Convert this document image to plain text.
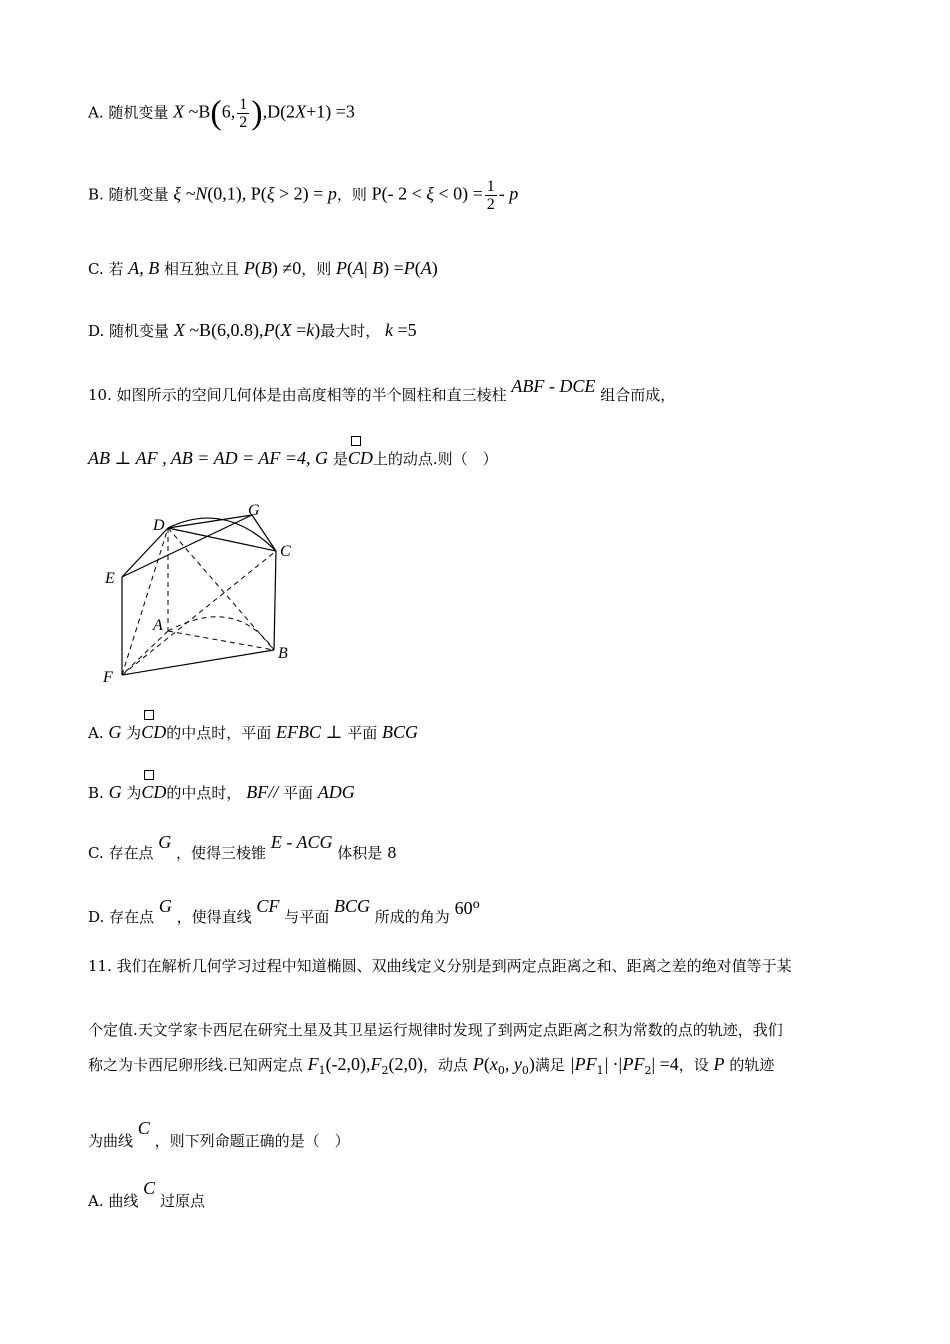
A. 随机变量 X ~B(6, $\frac{1}{2} ),D(2X+1) =3$
B. 随机变量 ξ ~N(0,1), P(ξ > 2) = p，则 P(- $2 < \xi < 0) = \frac{1}{2} - p$
C. 若 A, B 相互独立且 P(B) ≠0，则 P(A| B) =P(A)
D. 随机变量 X ~B(6,0.8),P(X =k)最大时， k =5
10. 如图所示的空间几何体是由高度相等的半个圆柱和直三棱柱 ABF - DCE 组合而成，
AB ⊥ AF , AB = AD = AF =4, G 是CD上的动点.则（　）
D
G
C
E
A
B
F
A. G 为CD的中点时，平面 EFBC ⊥ 平面 BCG
B. G 为CD的中点时， BF// 平面 ADG
C. 存在点 G ，使得三棱锥 E - ACG 体积是 8
D. 存在点 G ，使得直线 CF 与平面 BCG 所成的角为 60$^o$
11. 我们在解析几何学习过程中知道椭圆、双曲线定义分别是到两定点距离之和、距离之差的绝对值等于某
个定值.天文学家卡西尼在研究土星及其卫星运行规律时发现了到两定点距离之积为常数的点的轨迹，我们
称之为卡西尼卵形线.已知两定点 $F_1(-2,0),F_2(2,0)$，动点 $P(x_0$, $y_0$)满足 $|PF_1| \cdot|PF_2| =4$，设 P 的轨迹
为曲线 C ，则下列命题正确的是（　）
A. 曲线 C 过原点
